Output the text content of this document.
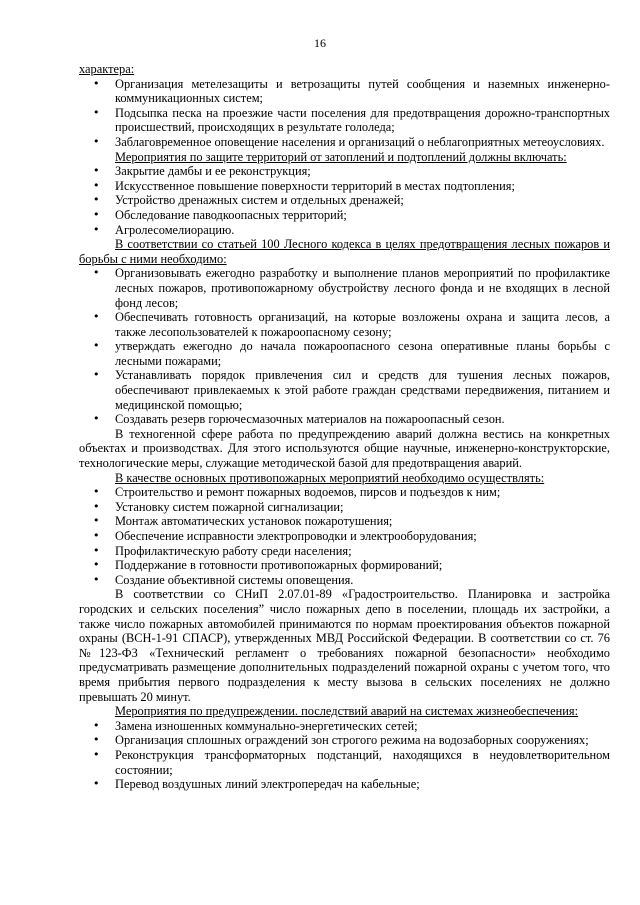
16

характера:

• Организация метелезащиты и ветрозащиты путей сообщения и наземных инженерно-коммуникационных систем;
• Подсыпка песка на проезжие части поселения для предотвращения дорожно-транспортных происшествий, происходящих в результате гололеда;
• Заблаговременное оповещение населения и организаций о неблагоприятных метеоусловиях.

Мероприятия по защите территорий от затоплений и подтоплений должны включать:

• Закрытие дамбы и ее реконструкция;
• Искусственное повышение поверхности территорий в местах подтопления;
• Устройство дренажных систем и отдельных дренажей;
• Обследование паводкоопасных территорий;
• Агролесомелиорацию.

В соответствии со статьей 100 Лесного кодекса в целях предотвращения лесных пожаров и борьбы с ними необходимо:

• Организовывать ежегодно разработку и выполнение планов мероприятий по профилактике лесных пожаров, противопожарному обустройству лесного фонда и не входящих в лесной фонд лесов;
• Обеспечивать готовность организаций, на которые возложены охрана и защита лесов, а также лесопользователей к пожароопасному сезону;
• утверждать ежегодно до начала пожароопасного сезона оперативные планы борьбы с лесными пожарами;
• Устанавливать порядок привлечения сил и средств для тушения лесных пожаров, обеспечивают привлекаемых к этой работе граждан средствами передвижения, питанием и медицинской помощью;
• Создавать резерв горючесмазочных материалов на пожароопасный сезон.

В техногенной сфере работа по предупреждению аварий должна вестись на конкретных объектах и производствах. Для этого используются общие научные, инженерно-конструкторские, технологические меры, служащие методической базой для предотвращения аварий.

В качестве основных противопожарных мероприятий необходимо осуществлять:

• Строительство и ремонт пожарных водоемов, пирсов и подъездов к ним;
• Установку систем пожарной сигнализации;
• Монтаж автоматических установок пожаротушения;
• Обеспечение исправности электропроводки и электрооборудования;
• Профилактическую работу среди населения;
• Поддержание в готовности противопожарных формирований;
• Создание объективной системы оповещения.

В соответствии со СНиП 2.07.01-89 «Градостроительство. Планировка и застройка городских и сельских поселения” число пожарных депо в поселении, площадь их застройки, а также число пожарных автомобилей принимаются по нормам проектирования объектов пожарной охраны (ВСН-1-91 СПАСР), утвержденных МВД Российской Федерации. В соответствии со ст. 76 №123-ФЗ «Технический регламент о требованиях пожарной безопасности» необходимо предусматривать размещение дополнительных подразделений пожарной охраны с учетом того, что время прибытия первого подразделения к месту вызова в сельских поселениях не должно превышать 20 минут.

Мероприятия по предупреждении. последствий аварий на системах жизнеобеспечения:

• Замена изношенных коммунально-энергетических сетей;
• Организация сплошных ограждений зон строгого режима на водозаборных сооружениях;
• Реконструкция трансформаторных подстанций, находящихся в неудовлетворительном состоянии;
• Перевод воздушных линий электропередач на кабельные;
